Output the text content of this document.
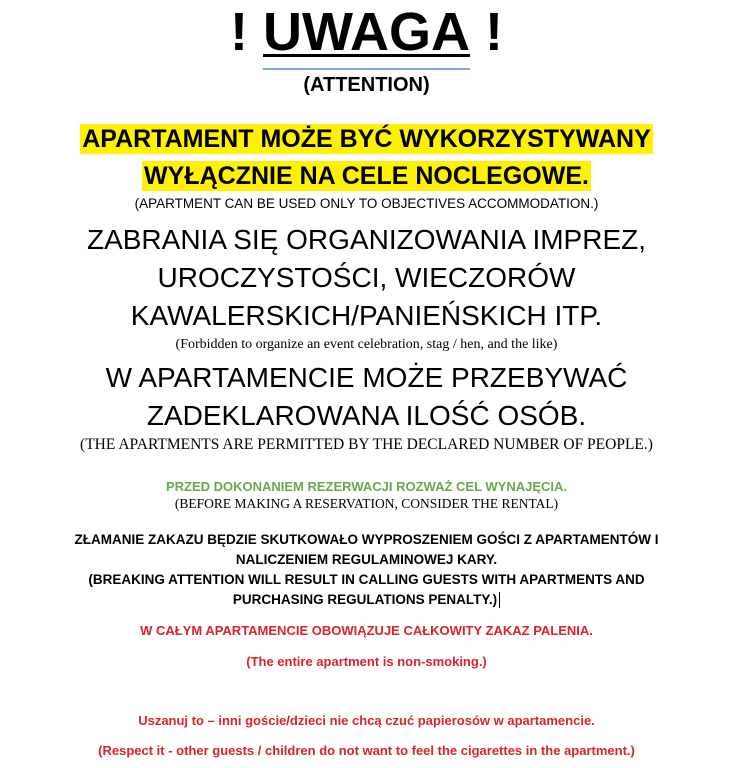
! UWAGA !
(ATTENTION)
APARTAMENT MOŻE BYĆ WYKORZYSTYWANY
WYŁĄCZNIE NA CELE NOCLEGOWE.
(APARTMENT CAN BE USED ONLY TO OBJECTIVES ACCOMMODATION.)
ZABRANIA SIĘ ORGANIZOWANIA IMPREZ,
UROCZYSTOŚCI, WIECZORÓW
KAWALERSKICH/PANIEŃSKICH ITP.
(Forbidden to organize an event celebration, stag / hen, and the like)
W APARTAMENCIE MOŻE PRZEBYWAĆ
ZADEKLAROWANA ILOŚĆ OSÓB.
(THE APARTMENTS ARE PERMITTED BY THE DECLARED NUMBER OF PEOPLE.)
PRZED DOKONANIEM REZERWACJI ROZWAŻ CEL WYNAJĘCIA.
(BEFORE MAKING A RESERVATION, CONSIDER THE RENTAL)
ZŁAMANIE ZAKAZU BĘDZIE SKUTKOWAŁO WYPROSZENIEM GOŚCI Z APARTAMENTÓW I
NALICZENIEM REGULAMINOWEJ KARY.
(BREAKING ATTENTION WILL RESULT IN CALLING GUESTS WITH APARTMENTS AND
PURCHASING REGULATIONS PENALTY.)
W CAŁYM APARTAMENCIE OBOWIĄZUJE CAŁKOWITY ZAKAZ PALENIA.
(The entire apartment is non-smoking.)
Uszanuj to – inni goście/dzieci nie chcą czuć papierosów w apartamencie.
(Respect it - other guests / children do not want to feel the cigarettes in the apartment.)
